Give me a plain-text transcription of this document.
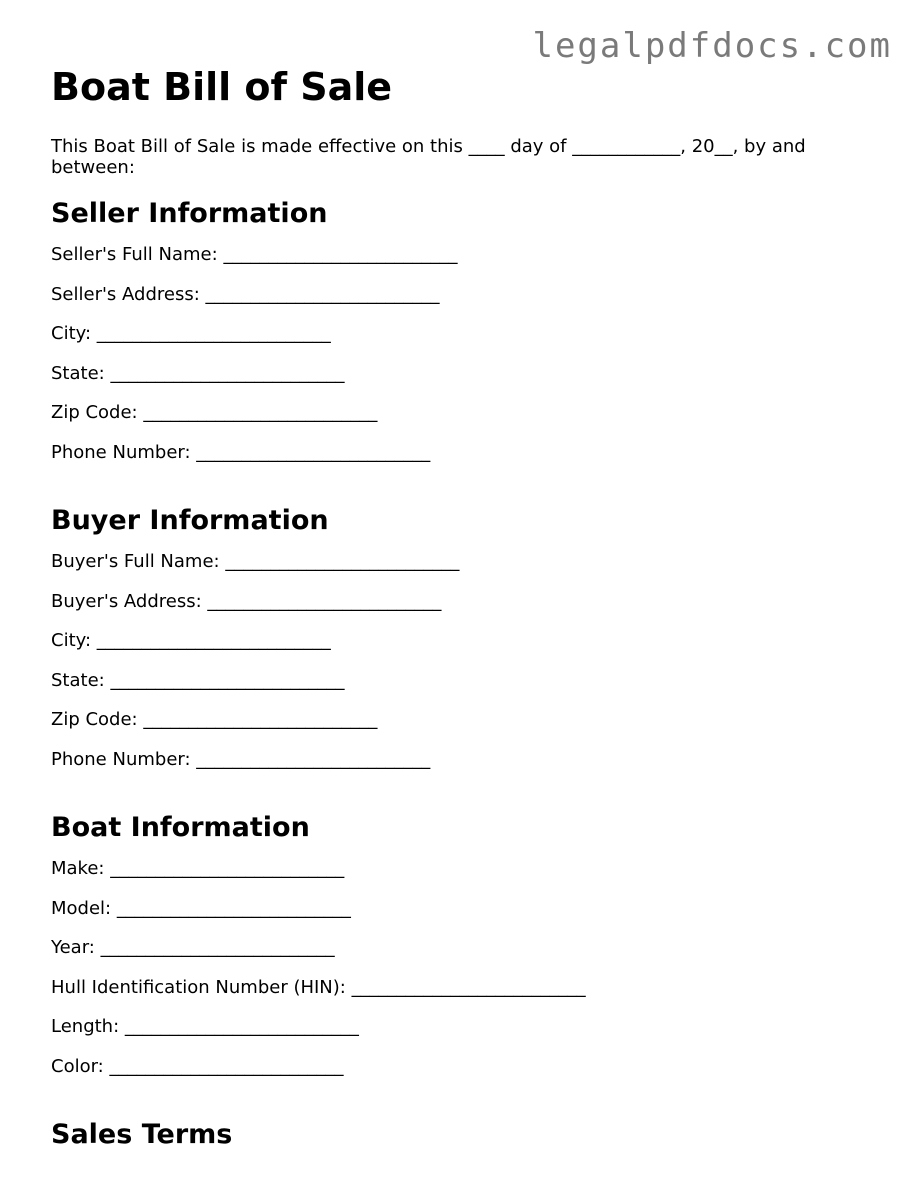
legalpdfdocs.com
Boat Bill of Sale

This Boat Bill of Sale is made effective on this ____ day of ____________, 20__, by and between:

Seller Information
Seller's Full Name: __________________________
Seller's Address: __________________________
City: __________________________
State: __________________________
Zip Code: __________________________
Phone Number: __________________________
Buyer Information
Buyer's Full Name: __________________________
Buyer's Address: __________________________
City: __________________________
State: __________________________
Zip Code: __________________________
Phone Number: __________________________
Boat Information
Make: __________________________
Model: __________________________
Year: __________________________
Hull Identification Number (HIN): __________________________
Length: __________________________
Color: __________________________
Sales Terms
